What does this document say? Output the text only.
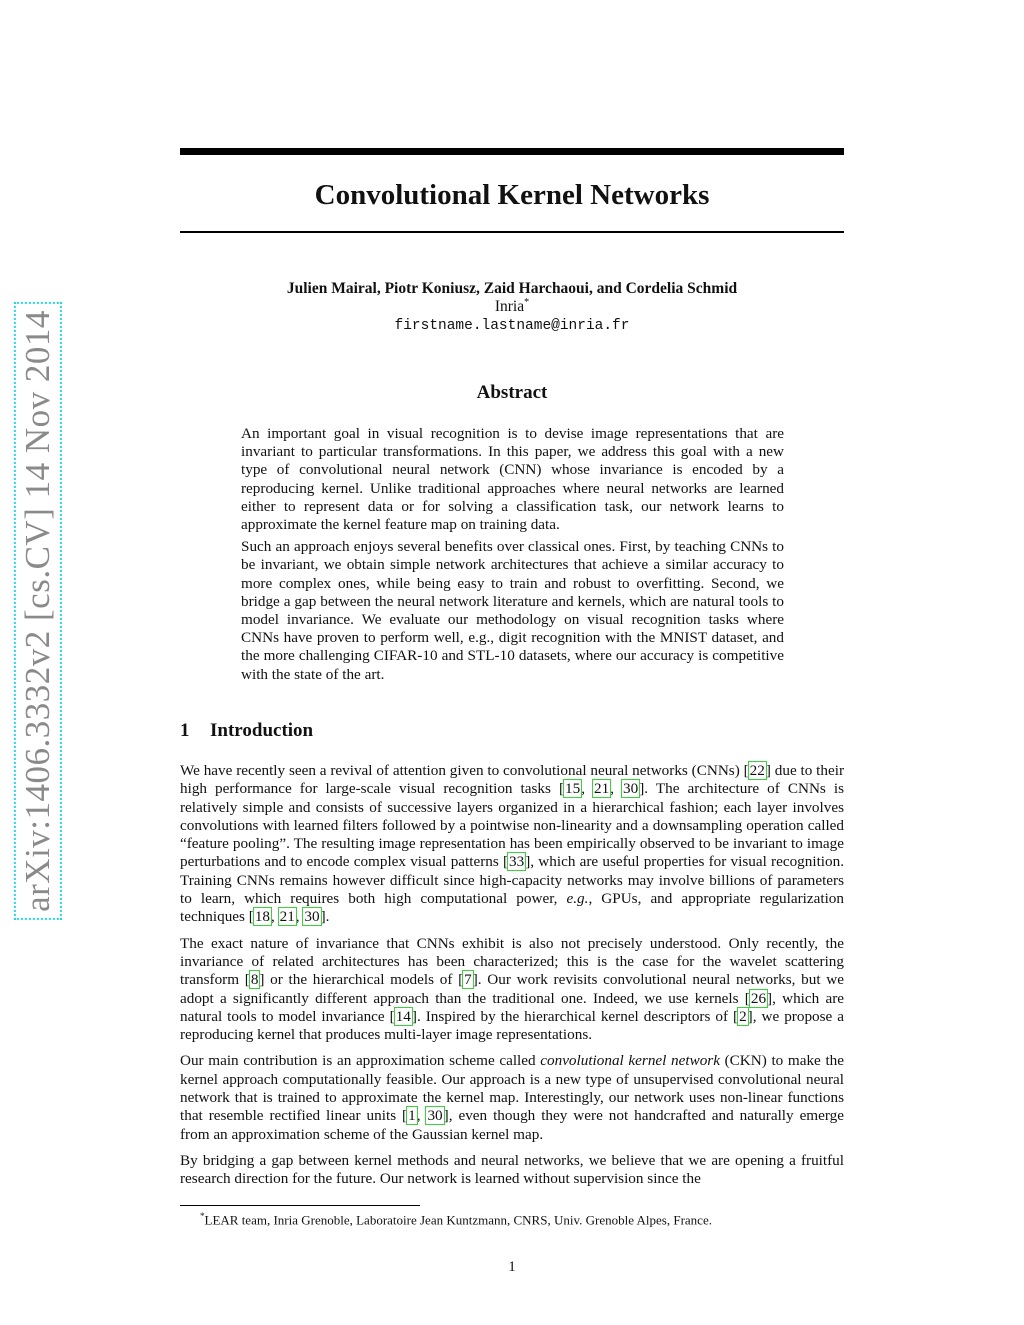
arXiv:1406.3332v2 [cs.CV] 14 Nov 2014
Convolutional Kernel Networks
Julien Mairal, Piotr Koniusz, Zaid Harchaoui, and Cordelia Schmid
Inria*
firstname.lastname@inria.fr
Abstract

An important goal in visual recognition is to devise image representations that are invariant to particular transformations. In this paper, we address this goal with a new type of convolutional neural network (CNN) whose invariance is encoded by a reproducing kernel. Unlike traditional approaches where neural networks are learned either to represent data or for solving a classification task, our network learns to approximate the kernel feature map on training data.

Such an approach enjoys several benefits over classical ones. First, by teaching CNNs to be invariant, we obtain simple network architectures that achieve a similar accuracy to more complex ones, while being easy to train and robust to overfitting. Second, we bridge a gap between the neural network literature and kernels, which are natural tools to model invariance. We evaluate our methodology on visual recognition tasks where CNNs have proven to perform well, e.g., digit recognition with the MNIST dataset, and the more challenging CIFAR-10 and STL-10 datasets, where our accuracy is competitive with the state of the art.

1 Introduction

We have recently seen a revival of attention given to convolutional neural networks (CNNs) [22] due to their high performance for large-scale visual recognition tasks [15, 21, 30]. The architecture of CNNs is relatively simple and consists of successive layers organized in a hierarchical fashion; each layer involves convolutions with learned filters followed by a pointwise non-linearity and a downsampling operation called “feature pooling”. The resulting image representation has been empirically observed to be invariant to image perturbations and to encode complex visual patterns [33], which are useful properties for visual recognition. Training CNNs remains however difficult since high-capacity networks may involve billions of parameters to learn, which requires both high computational power, e.g., GPUs, and appropriate regularization techniques [18, 21, 30].

The exact nature of invariance that CNNs exhibit is also not precisely understood. Only recently, the invariance of related architectures has been characterized; this is the case for the wavelet scattering transform [8] or the hierarchical models of [7]. Our work revisits convolutional neural networks, but we adopt a significantly different approach than the traditional one. Indeed, we use kernels [26], which are natural tools to model invariance [14]. Inspired by the hierarchical kernel descriptors of [2], we propose a reproducing kernel that produces multi-layer image representations.

Our main contribution is an approximation scheme called convolutional kernel network (CKN) to make the kernel approach computationally feasible. Our approach is a new type of unsupervised convolutional neural network that is trained to approximate the kernel map. Interestingly, our network uses non-linear functions that resemble rectified linear units [1, 30], even though they were not handcrafted and naturally emerge from an approximation scheme of the Gaussian kernel map.

By bridging a gap between kernel methods and neural networks, we believe that we are opening a fruitful research direction for the future. Our network is learned without supervision since the

*LEAR team, Inria Grenoble, Laboratoire Jean Kuntzmann, CNRS, Univ. Grenoble Alpes, France.
1
